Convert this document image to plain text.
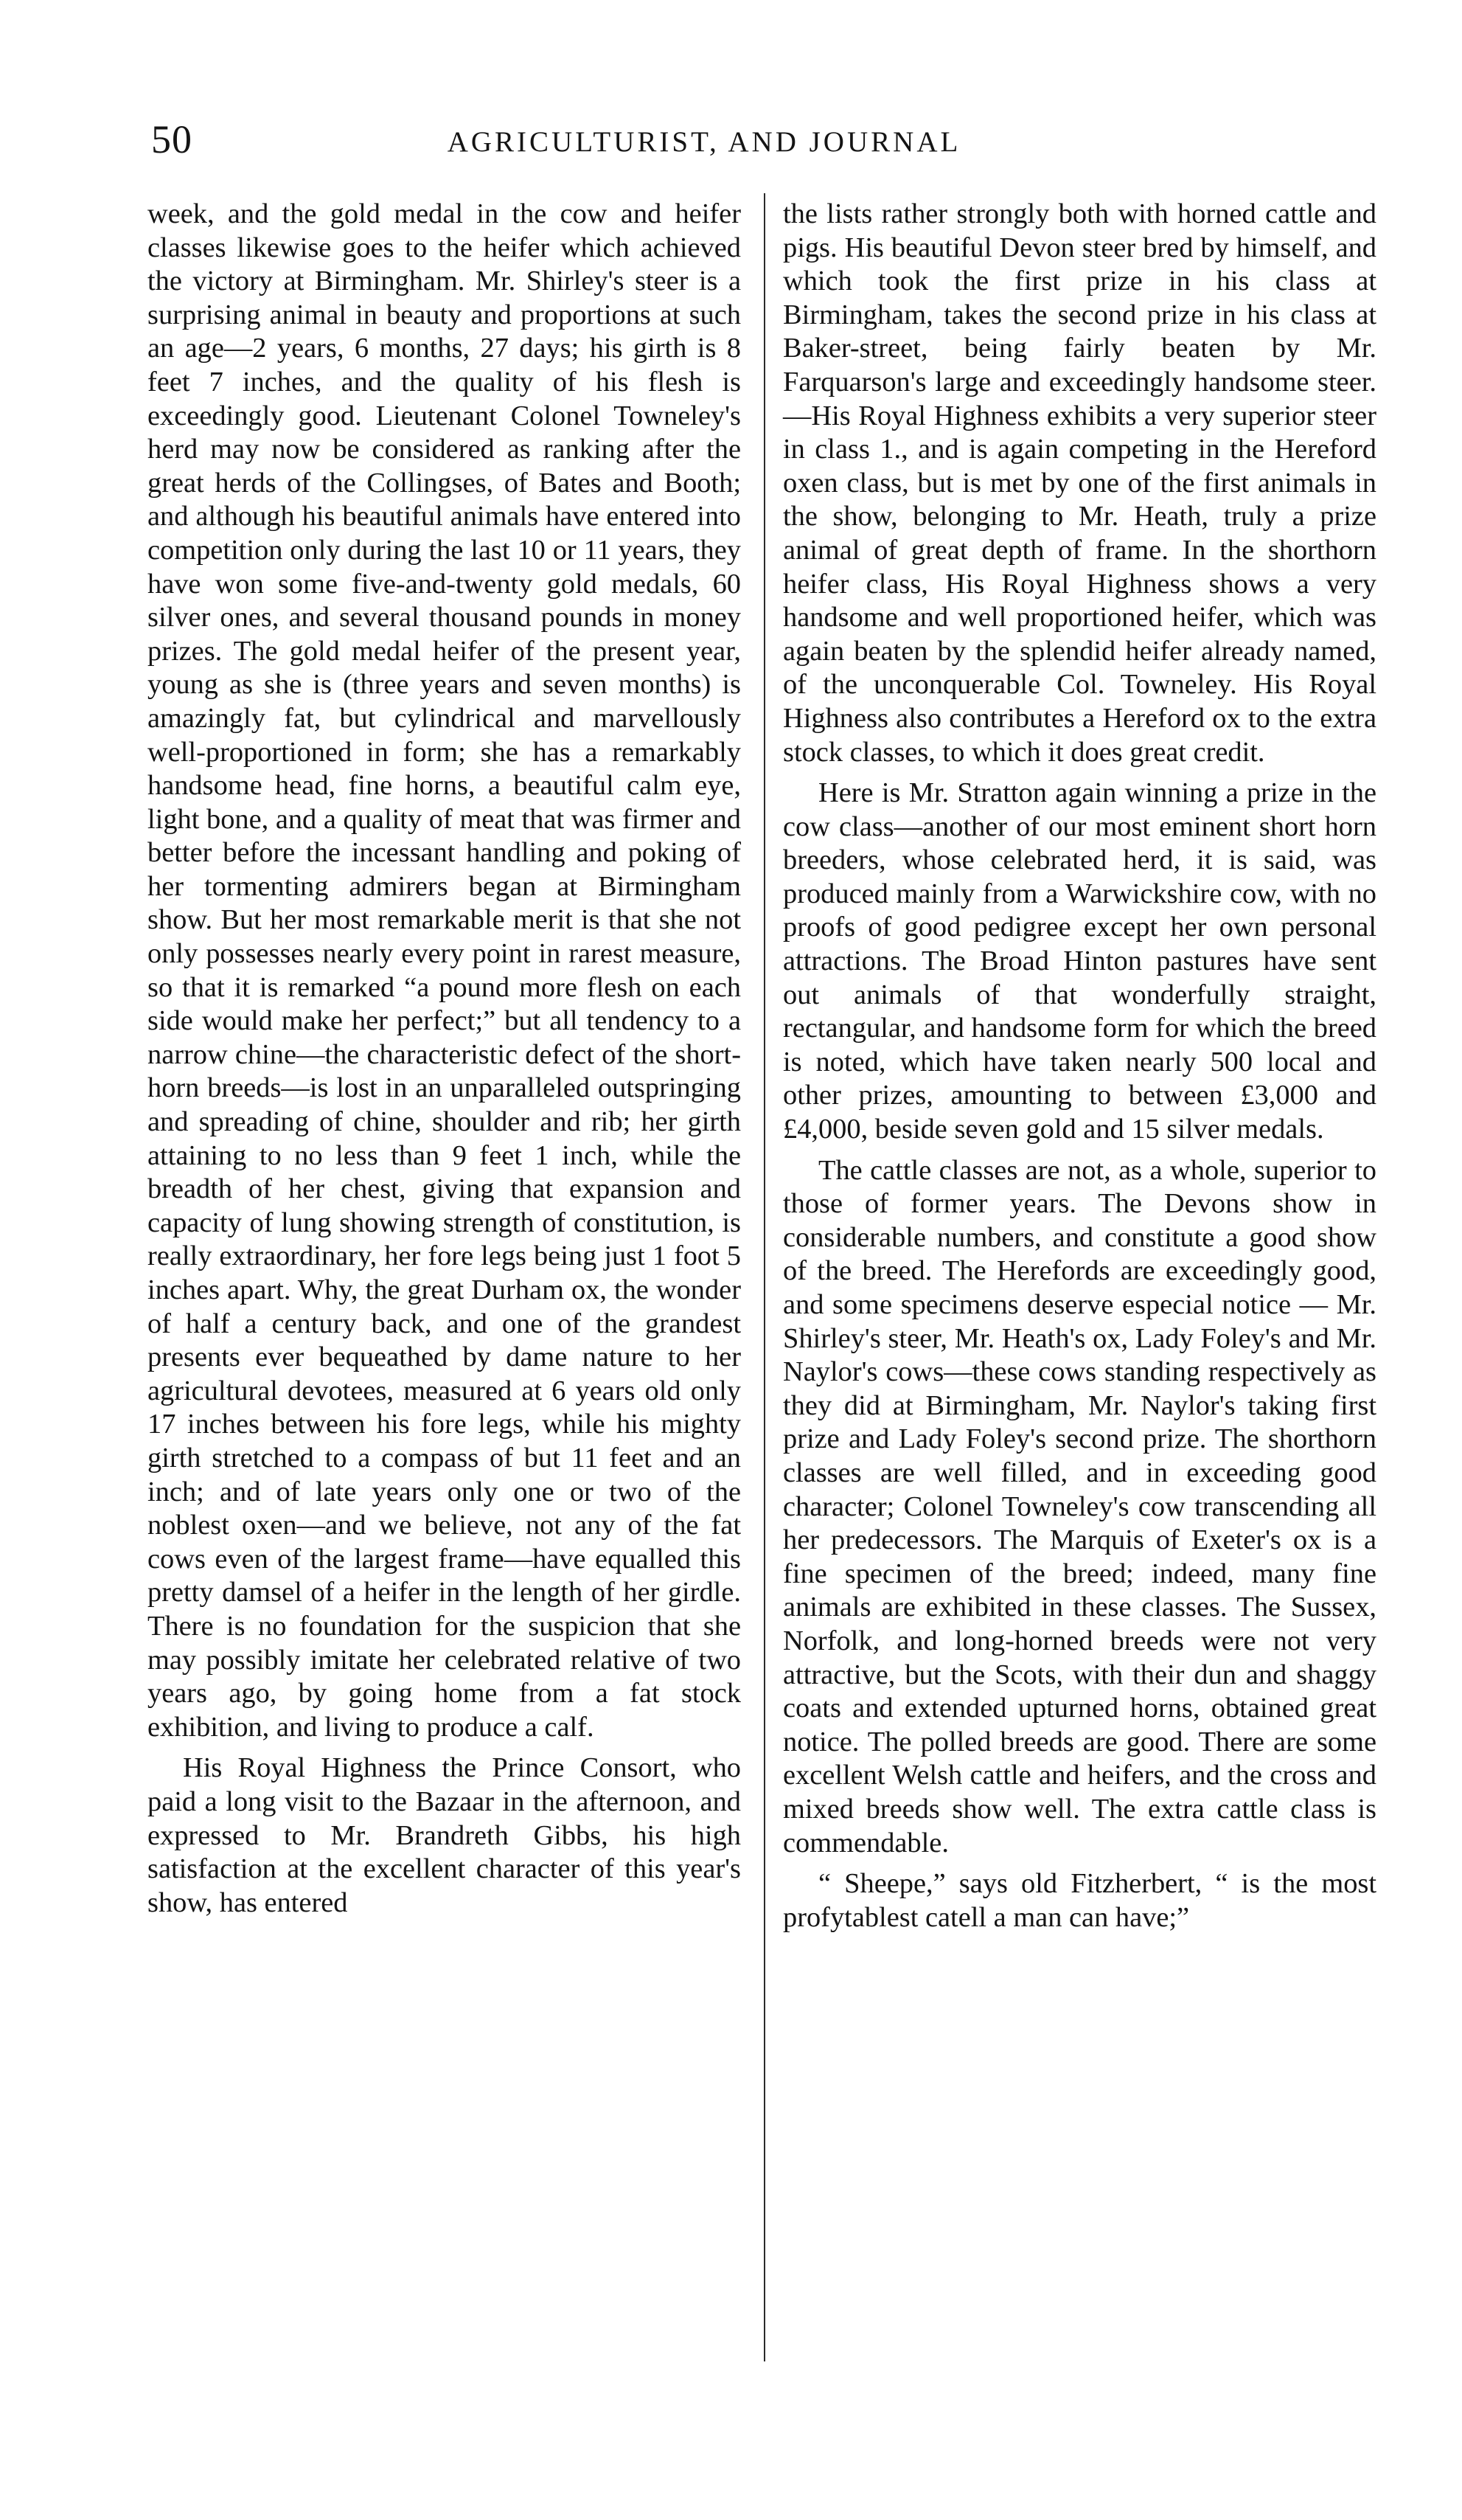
50	AGRICULTURIST, AND JOURNAL

week, and the gold medal in the cow and heifer classes likewise goes to the heifer which achieved the victory at Birmingham. Mr. Shirley's steer is a surprising animal in beauty and proportions at such an age—2 years, 6 months, 27 days; his girth is 8 feet 7 inches, and the quality of his flesh is exceedingly good. Lieutenant Colonel Towneley's herd may now be considered as ranking after the great herds of the Collingses, of Bates and Booth; and although his beautiful animals have entered into competition only during the last 10 or 11 years, they have won some five-and-twenty gold medals, 60 silver ones, and several thousand pounds in money prizes. The gold medal heifer of the present year, young as she is (three years and seven months) is amazingly fat, but cylindrical and marvellously well-proportioned in form; she has a remarkably handsome head, fine horns, a beautiful calm eye, light bone, and a quality of meat that was firmer and better before the incessant handling and poking of her tormenting admirers began at Birmingham show. But her most remarkable merit is that she not only possesses nearly every point in rarest measure, so that it is remarked “a pound more flesh on each side would make her perfect;” but all tendency to a narrow chine—the characteristic defect of the short-horn breeds—is lost in an unparalleled outspringing and spreading of chine, shoulder and rib; her girth attaining to no less than 9 feet 1 inch, while the breadth of her chest, giving that expansion and capacity of lung showing strength of constitution, is really extraordinary, her fore legs being just 1 foot 5 inches apart. Why, the great Durham ox, the wonder of half a century back, and one of the grandest presents ever bequeathed by dame nature to her agricultural devotees, measured at 6 years old only 17 inches between his fore legs, while his mighty girth stretched to a compass of but 11 feet and an inch; and of late years only one or two of the noblest oxen—and we believe, not any of the fat cows even of the largest frame—have equalled this pretty damsel of a heifer in the length of her girdle. There is no foundation for the suspicion that she may possibly imitate her celebrated relative of two years ago, by going home from a fat stock exhibition, and living to produce a calf.

His Royal Highness the Prince Consort, who paid a long visit to the Bazaar in the afternoon, and expressed to Mr. Brandreth Gibbs, his high satisfaction at the excellent character of this year's show, has entered

the lists rather strongly both with horned cattle and pigs. His beautiful Devon steer bred by himself, and which took the first prize in his class at Birmingham, takes the second prize in his class at Baker-street, being fairly beaten by Mr. Farquarson's large and exceedingly handsome steer.—His Royal Highness exhibits a very superior steer in class 1., and is again competing in the Hereford oxen class, but is met by one of the first animals in the show, belonging to Mr. Heath, truly a prize animal of great depth of frame. In the shorthorn heifer class, His Royal Highness shows a very handsome and well proportioned heifer, which was again beaten by the splendid heifer already named, of the unconquerable Col. Towneley. His Royal Highness also contributes a Hereford ox to the extra stock classes, to which it does great credit.

Here is Mr. Stratton again winning a prize in the cow class—another of our most eminent short horn breeders, whose celebrated herd, it is said, was produced mainly from a Warwickshire cow, with no proofs of good pedigree except her own personal attractions. The Broad Hinton pastures have sent out animals of that wonderfully straight, rectangular, and handsome form for which the breed is noted, which have taken nearly 500 local and other prizes, amounting to between £3,000 and £4,000, beside seven gold and 15 silver medals.

The cattle classes are not, as a whole, superior to those of former years. The Devons show in considerable numbers, and constitute a good show of the breed. The Herefords are exceedingly good, and some specimens deserve especial notice — Mr. Shirley's steer, Mr. Heath's ox, Lady Foley's and Mr. Naylor's cows—these cows standing respectively as they did at Birmingham, Mr. Naylor's taking first prize and Lady Foley's second prize. The shorthorn classes are well filled, and in exceeding good character; Colonel Towneley's cow transcending all her predecessors. The Marquis of Exeter's ox is a fine specimen of the breed; indeed, many fine animals are exhibited in these classes. The Sussex, Norfolk, and long-horned breeds were not very attractive, but the Scots, with their dun and shaggy coats and extended upturned horns, obtained great notice. The polled breeds are good. There are some excellent Welsh cattle and heifers, and the cross and mixed breeds show well. The extra cattle class is commendable.

“ Sheepe,” says old Fitzherbert, “ is the most profytablest catell a man can have;”
